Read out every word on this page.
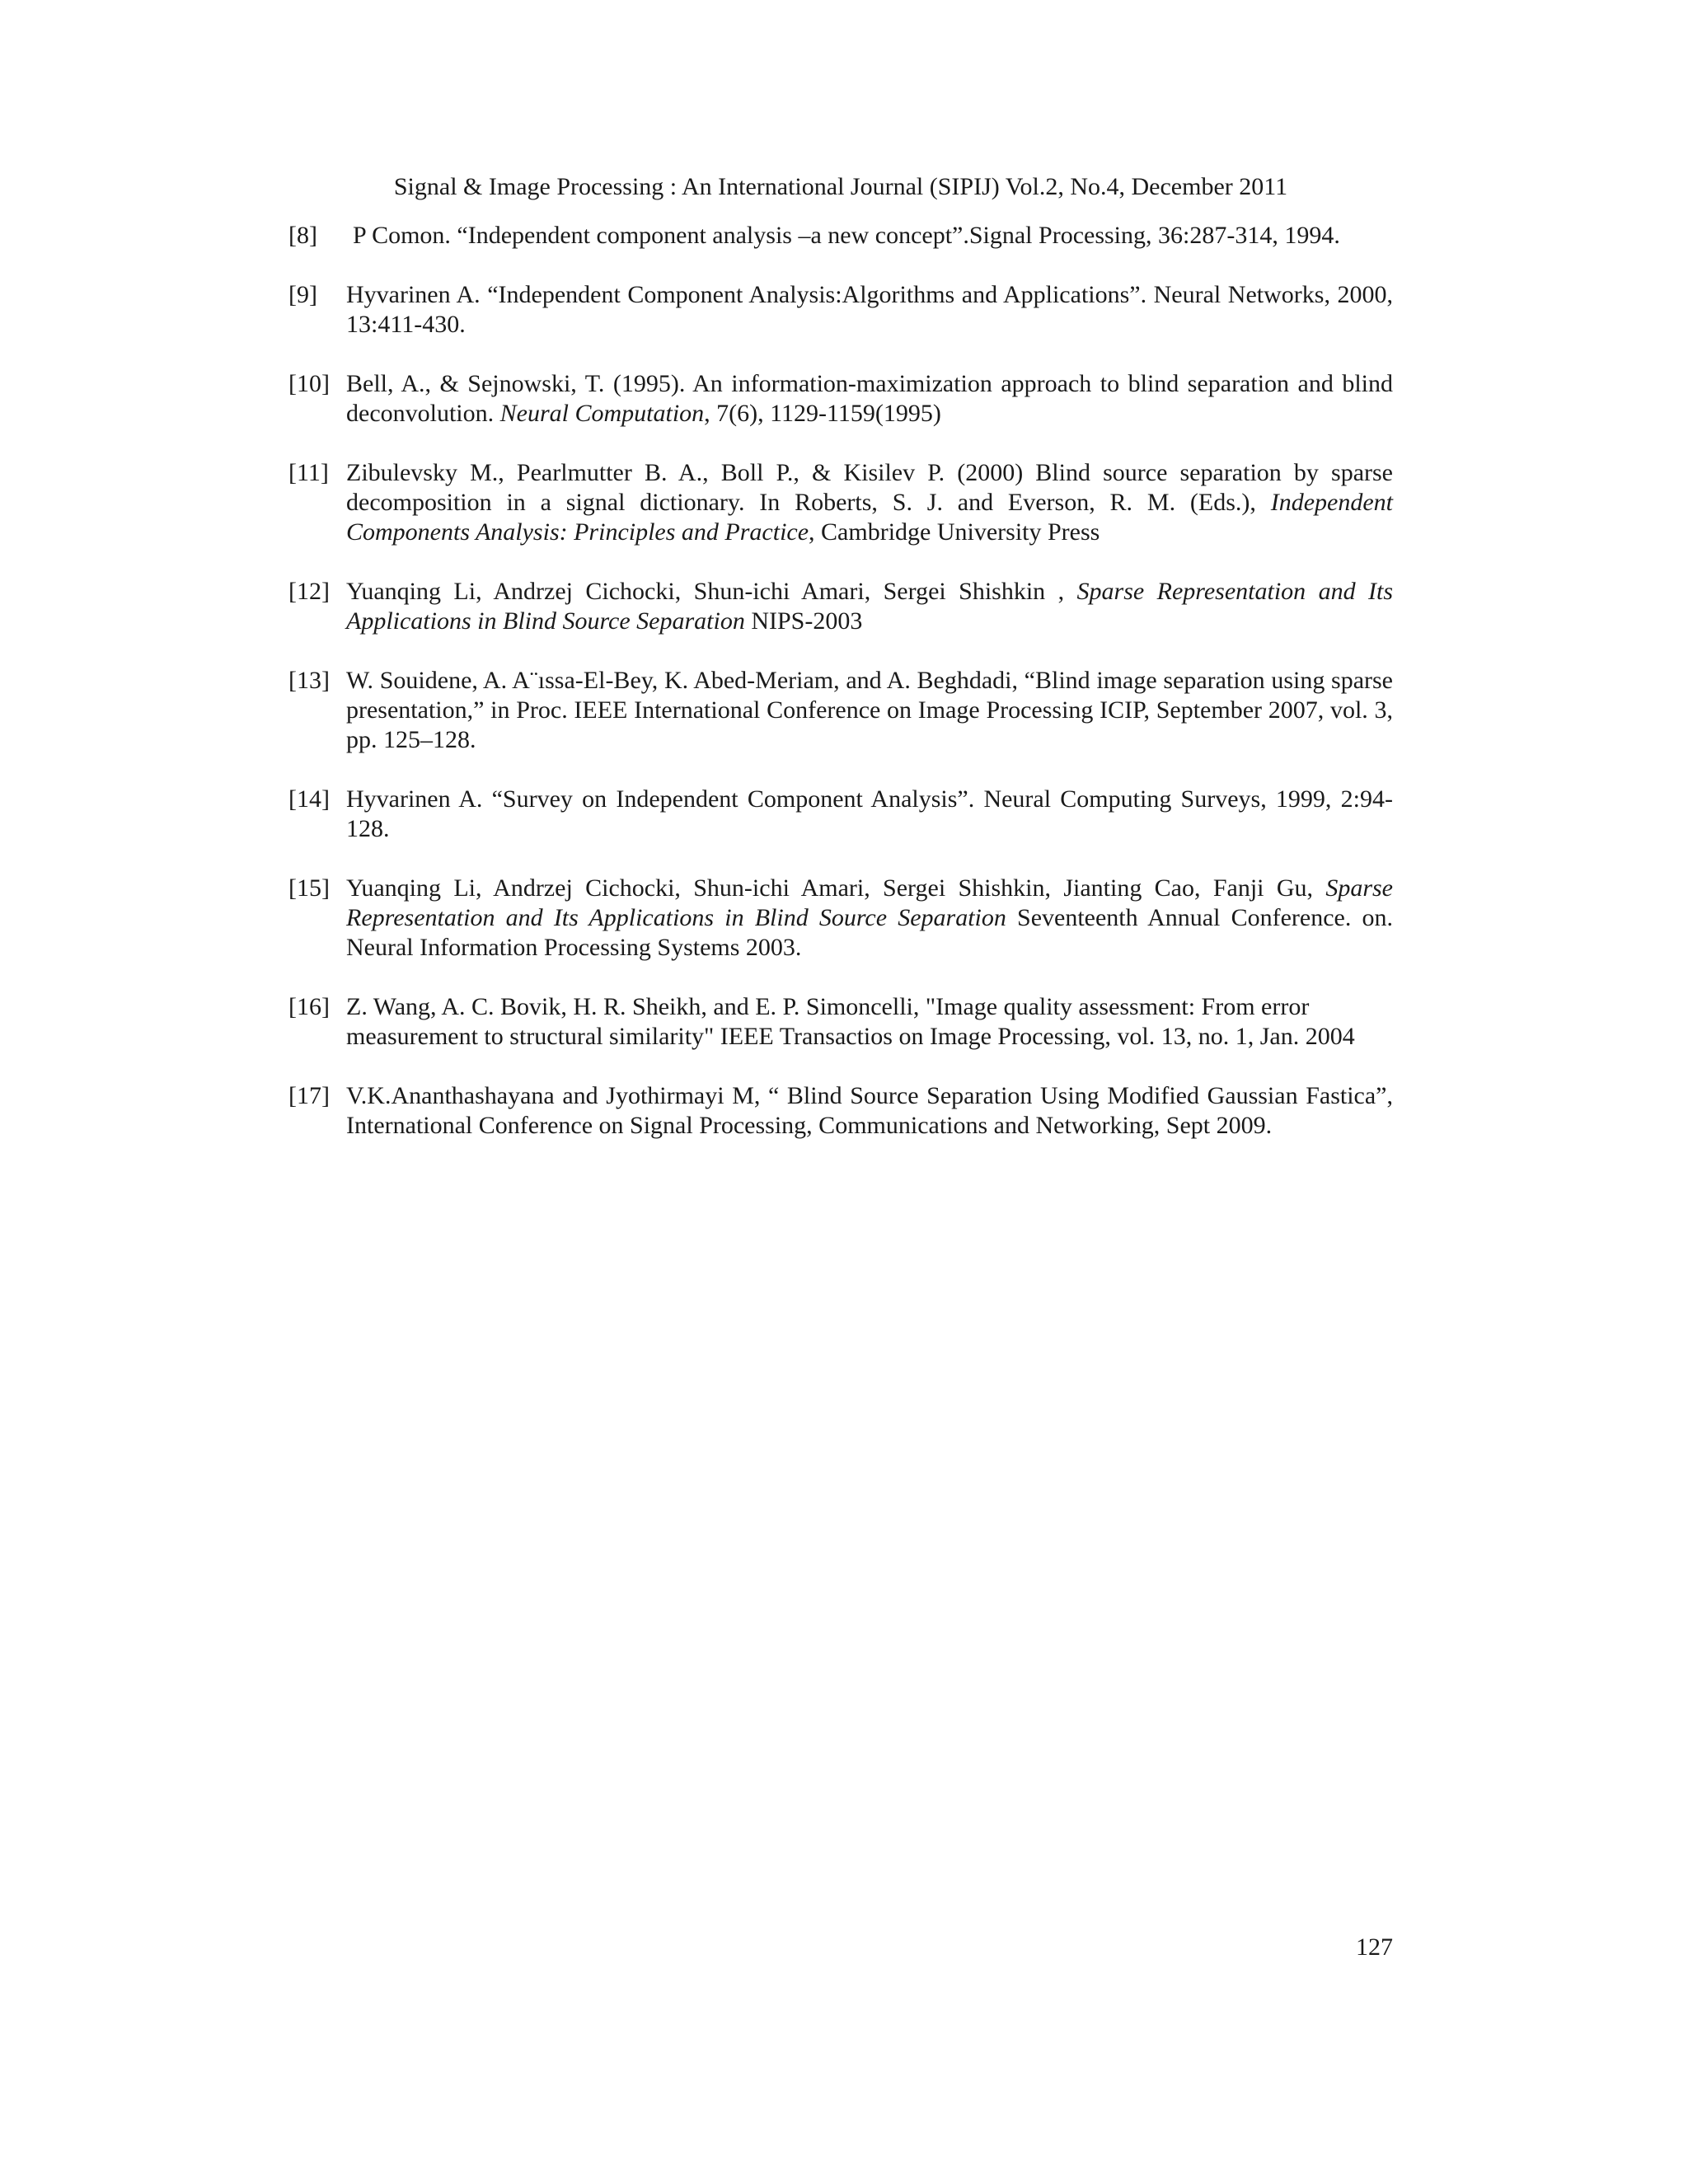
Signal & Image Processing : An International Journal (SIPIJ) Vol.2, No.4, December 2011
[8]	P Comon. “Independent component analysis –a new concept”.Signal Processing, 36:287-314, 1994.
[9]	Hyvarinen A. “Independent Component Analysis:Algorithms and Applications”. Neural Networks, 2000, 13:411-430.
[10] Bell, A., & Sejnowski, T. (1995). An information-maximization approach to blind separation and blind deconvolution. Neural Computation, 7(6), 1129-1159(1995)
[11] Zibulevsky M., Pearlmutter B. A., Boll P., & Kisilev P. (2000) Blind source separation by sparse decomposition in a signal dictionary. In Roberts, S. J. and Everson, R. M. (Eds.), Independent Components Analysis: Principles and Practice, Cambridge University Press
[12] Yuanqing Li, Andrzej Cichocki, Shun-ichi Amari, Sergei Shishkin , Sparse Representation and Its Applications in Blind Source Separation NIPS-2003
[13] W. Souidene, A. A¨ıssa-El-Bey, K. Abed-Meriam, and A. Beghdadi, “Blind image separation using sparse presentation,” in Proc. IEEE International Conference on Image Processing ICIP, September 2007, vol. 3, pp. 125–128.
[14] Hyvarinen A. “Survey on Independent Component Analysis”. Neural Computing Surveys, 1999, 2:94-128.
[15] Yuanqing Li, Andrzej Cichocki, Shun-ichi Amari, Sergei Shishkin, Jianting Cao, Fanji Gu, Sparse Representation and Its Applications in Blind Source Separation Seventeenth Annual Conference. on. Neural Information Processing Systems 2003.
[16] Z. Wang, A. C. Bovik, H. R. Sheikh, and E. P. Simoncelli, "Image quality assessment: From error measurement to structural similarity" IEEE Transactios on Image Processing, vol. 13, no. 1, Jan. 2004
[17] V.K.Ananthashayana and Jyothirmayi M, “ Blind Source Separation Using Modified Gaussian Fastica”, International Conference on Signal Processing, Communications and Networking, Sept 2009.
127
